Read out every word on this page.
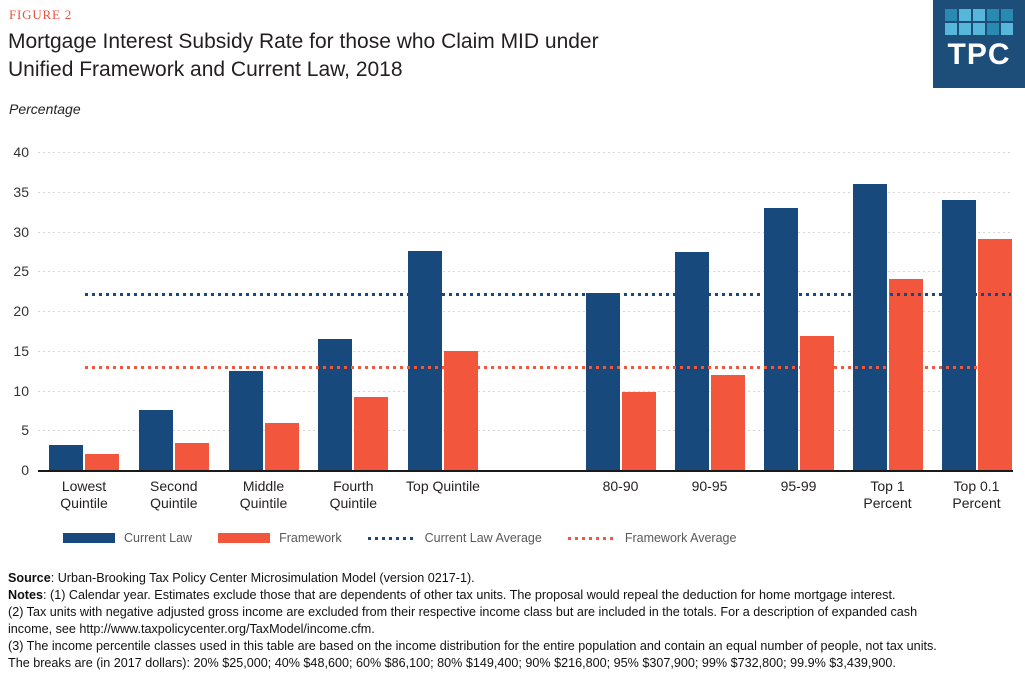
FIGURE 2
Mortgage Interest Subsidy Rate for those who Claim MID under
Unified Framework and Current Law, 2018	TPC
Percentage
0
5
10
15
20
25
30
35
40
Lowest
Quintile
Second
Quintile
Middle
Quintile
Fourth
Quintile
Top Quintile	80-90	90-95	95-99	Top 1
Percent
Top 0.1
Percent
Current Law	Framework	Current Law Average	Framework Average
Source: Urban-Brooking Tax Policy Center Microsimulation Model (version 0217-1).
Notes: (1) Calendar year. Estimates exclude those that are dependents of other tax units. The proposal would repeal the deduction for home mortgage interest.
(2) Tax units with negative adjusted gross income are excluded from their respective income class but are included in the totals. For a description of expanded cash
income, see http://www.taxpolicycenter.org/TaxModel/income.cfm.
(3) The income percentile classes used in this table are based on the income distribution for the entire population and contain an equal number of people, not tax units.
The breaks are (in 2017 dollars): 20% $25,000; 40% $48,600; 60% $86,100; 80% $149,400; 90% $216,800; 95% $307,900; 99% $732,800; 99.9% $3,439,900.
